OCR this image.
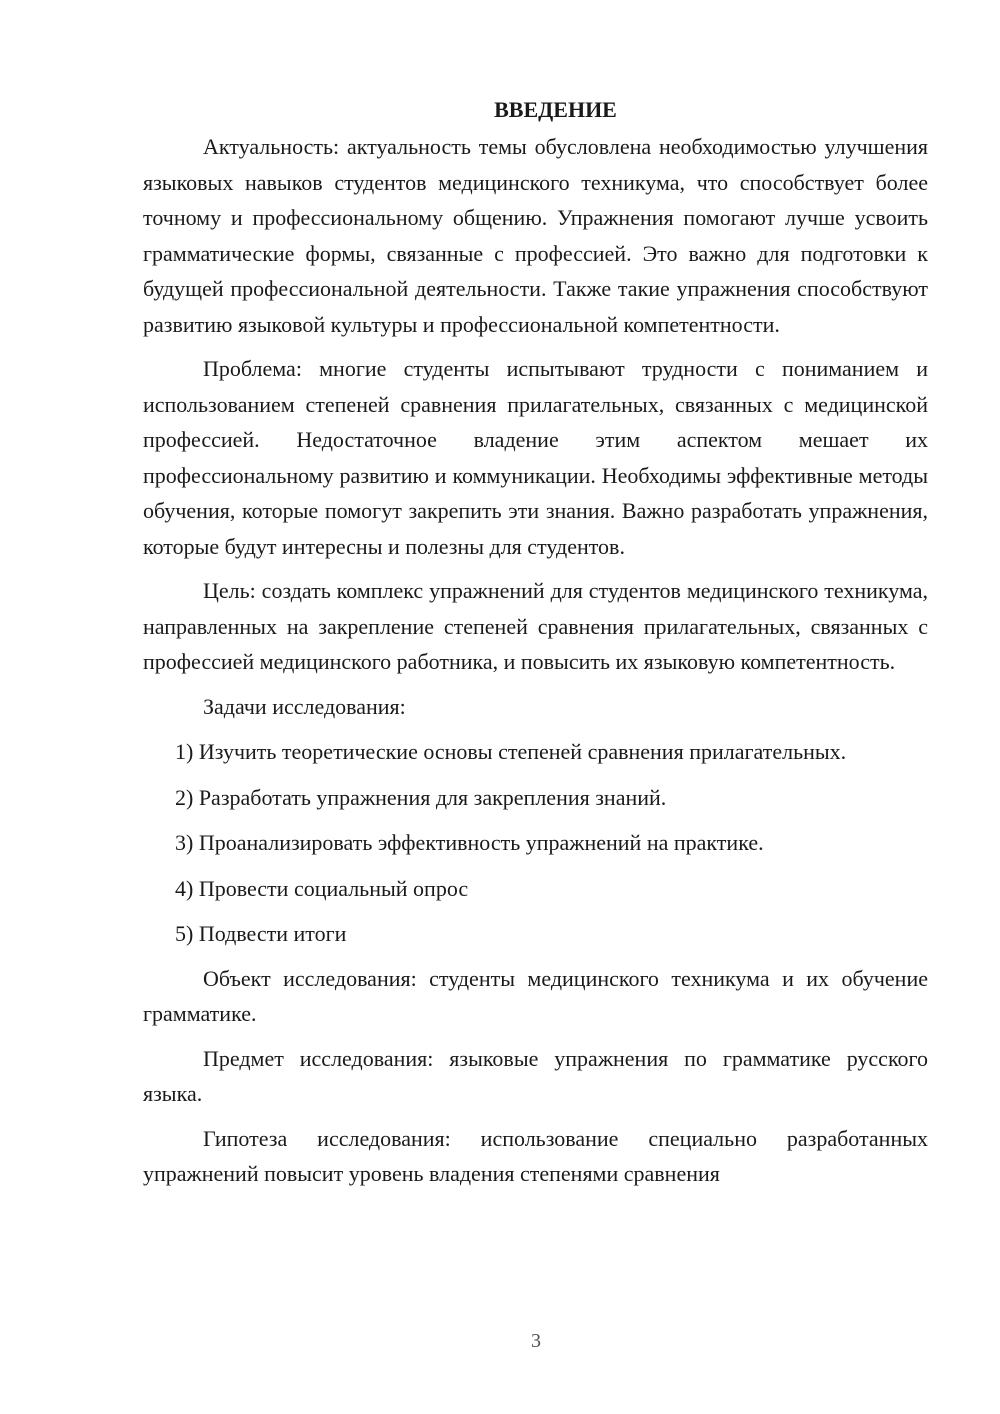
ВВЕДЕНИЕ

Актуальность: актуальность темы обусловлена необходимостью улучшения языковых навыков студентов медицинского техникума, что способствует более точному и профессиональному общению. Упражнения помогают лучше усвоить грамматические формы, связанные с профессией. Это важно для подготовки к будущей профессиональной деятельности. Также такие упражнения способствуют развитию языковой культуры и профессиональной компетентности.

Проблема: многие студенты испытывают трудности с пониманием и использованием степеней сравнения прилагательных, связанных с медицинской профессией. Недостаточное владение этим аспектом мешает их профессиональному развитию и коммуникации. Необходимы эффективные методы обучения, которые помогут закрепить эти знания. Важно разработать упражнения, которые будут интересны и полезны для студентов.

Цель: создать комплекс упражнений для студентов медицинского техникума, направленных на закрепление степеней сравнения прилагательных, связанных с профессией медицинского работника, и повысить их языковую компетентность.

Задачи исследования:

1) Изучить теоретические основы степеней сравнения прилагательных.

2) Разработать упражнения для закрепления знаний.

3) Проанализировать эффективность упражнений на практике.

4) Провести социальный опрос

5) Подвести итоги

Объект исследования: студенты медицинского техникума и их обучение грамматике.

Предмет исследования: языковые упражнения по грамматике русского языка.

Гипотеза исследования: использование специально разработанных упражнений повысит уровень владения степенями сравнения

3
